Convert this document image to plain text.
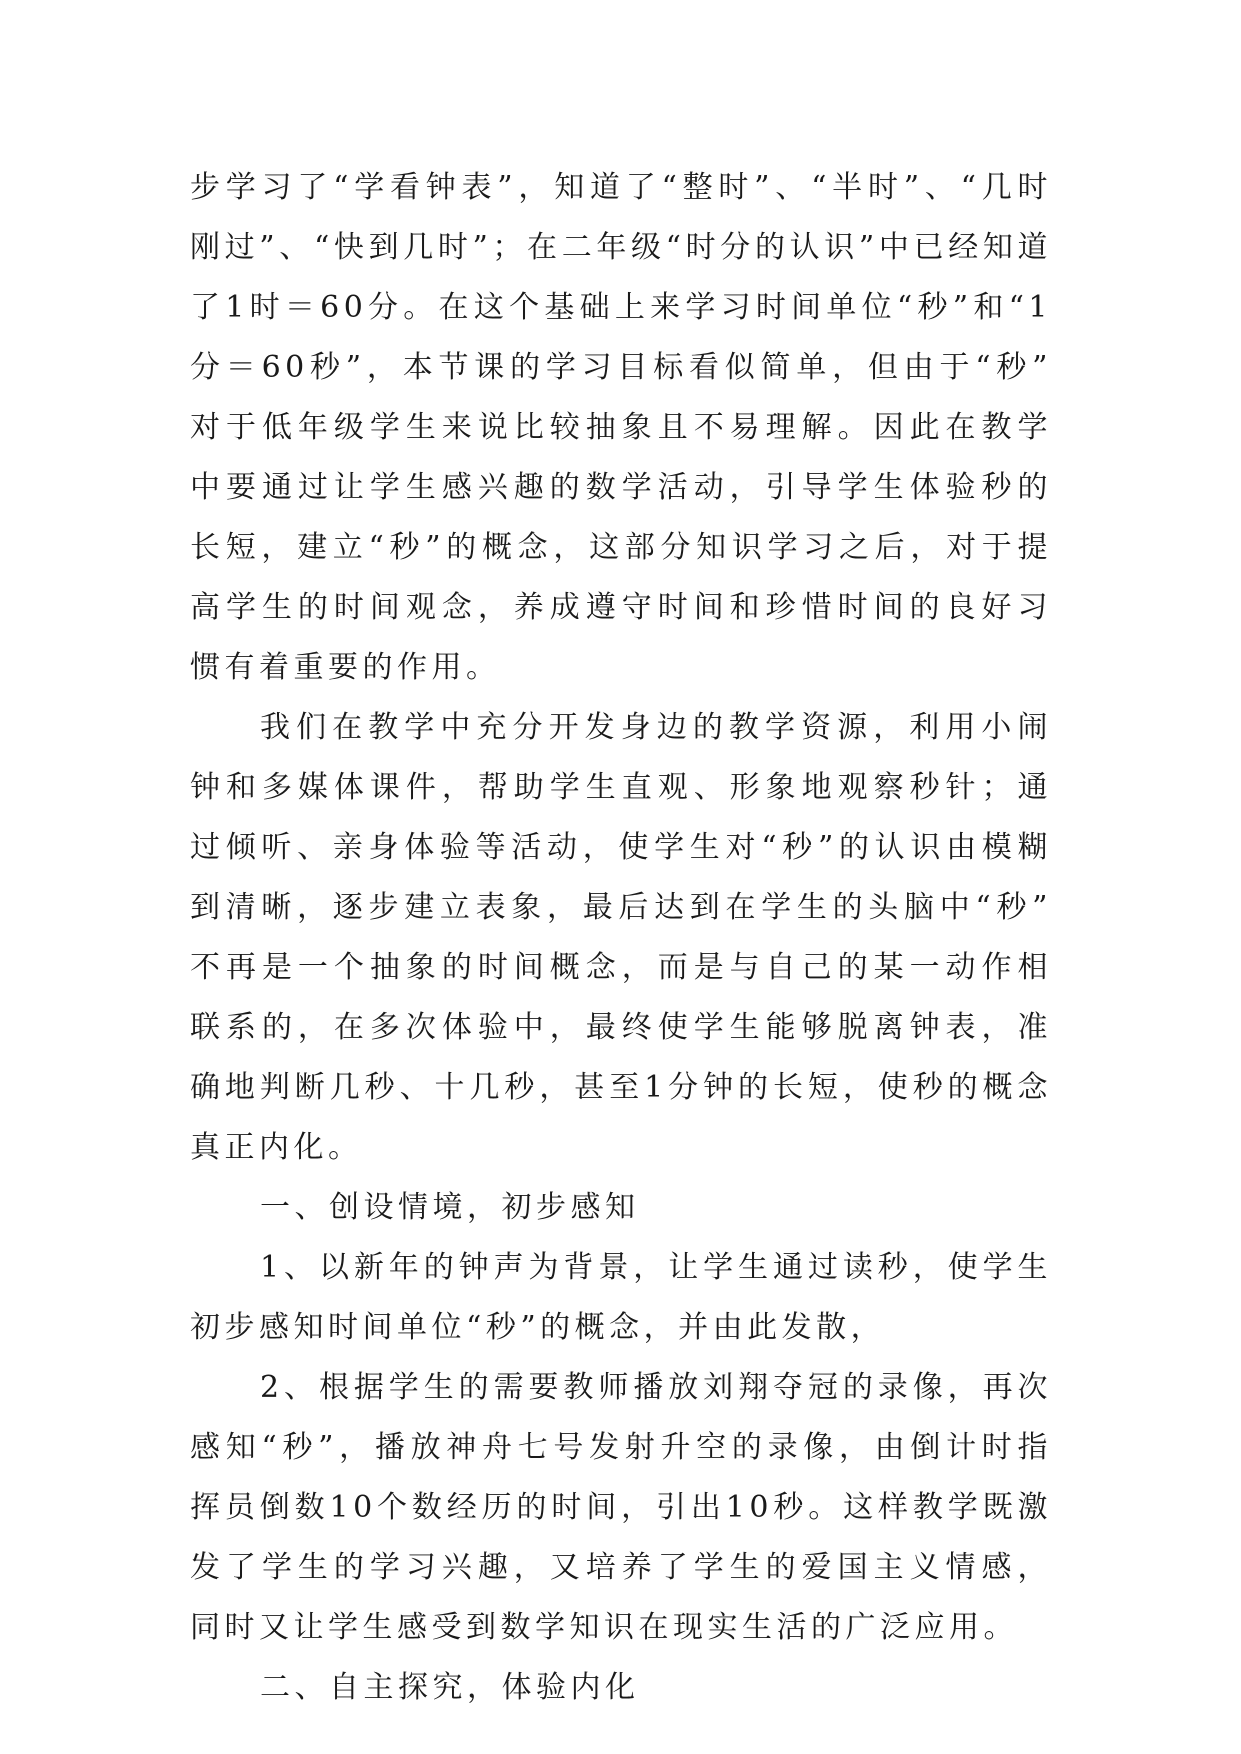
步学习了“学看钟表”，知道了“整时”、“半时”、“几时刚过”、“快到几时”；在二年级“时分的认识”中已经知道了1时＝60分。在这个基础上来学习时间单位“秒”和“1分＝60秒”，本节课的学习目标看似简单，但由于“秒”对于低年级学生来说比较抽象且不易理解。因此在教学中要通过让学生感兴趣的数学活动，引导学生体验秒的长短，建立“秒”的概念，这部分知识学习之后，对于提高学生的时间观念，养成遵守时间和珍惜时间的良好习惯有着重要的作用。

我们在教学中充分开发身边的教学资源，利用小闹钟和多媒体课件，帮助学生直观、形象地观察秒针；通过倾听、亲身体验等活动，使学生对“秒”的认识由模糊到清晰，逐步建立表象，最后达到在学生的头脑中“秒”不再是一个抽象的时间概念，而是与自己的某一动作相联系的，在多次体验中，最终使学生能够脱离钟表，准确地判断几秒、十几秒，甚至1分钟的长短，使秒的概念真正内化。

一、创设情境，初步感知

1、以新年的钟声为背景，让学生通过读秒，使学生初步感知时间单位“秒”的概念，并由此发散，

2、根据学生的需要教师播放刘翔夺冠的录像，再次感知“秒”，播放神舟七号发射升空的录像，由倒计时指挥员倒数10个数经历的时间，引出10秒。这样教学既激发了学生的学习兴趣，又培养了学生的爱国主义情感，同时又让学生感受到数学知识在现实生活的广泛应用。

二、自主探究，体验内化
